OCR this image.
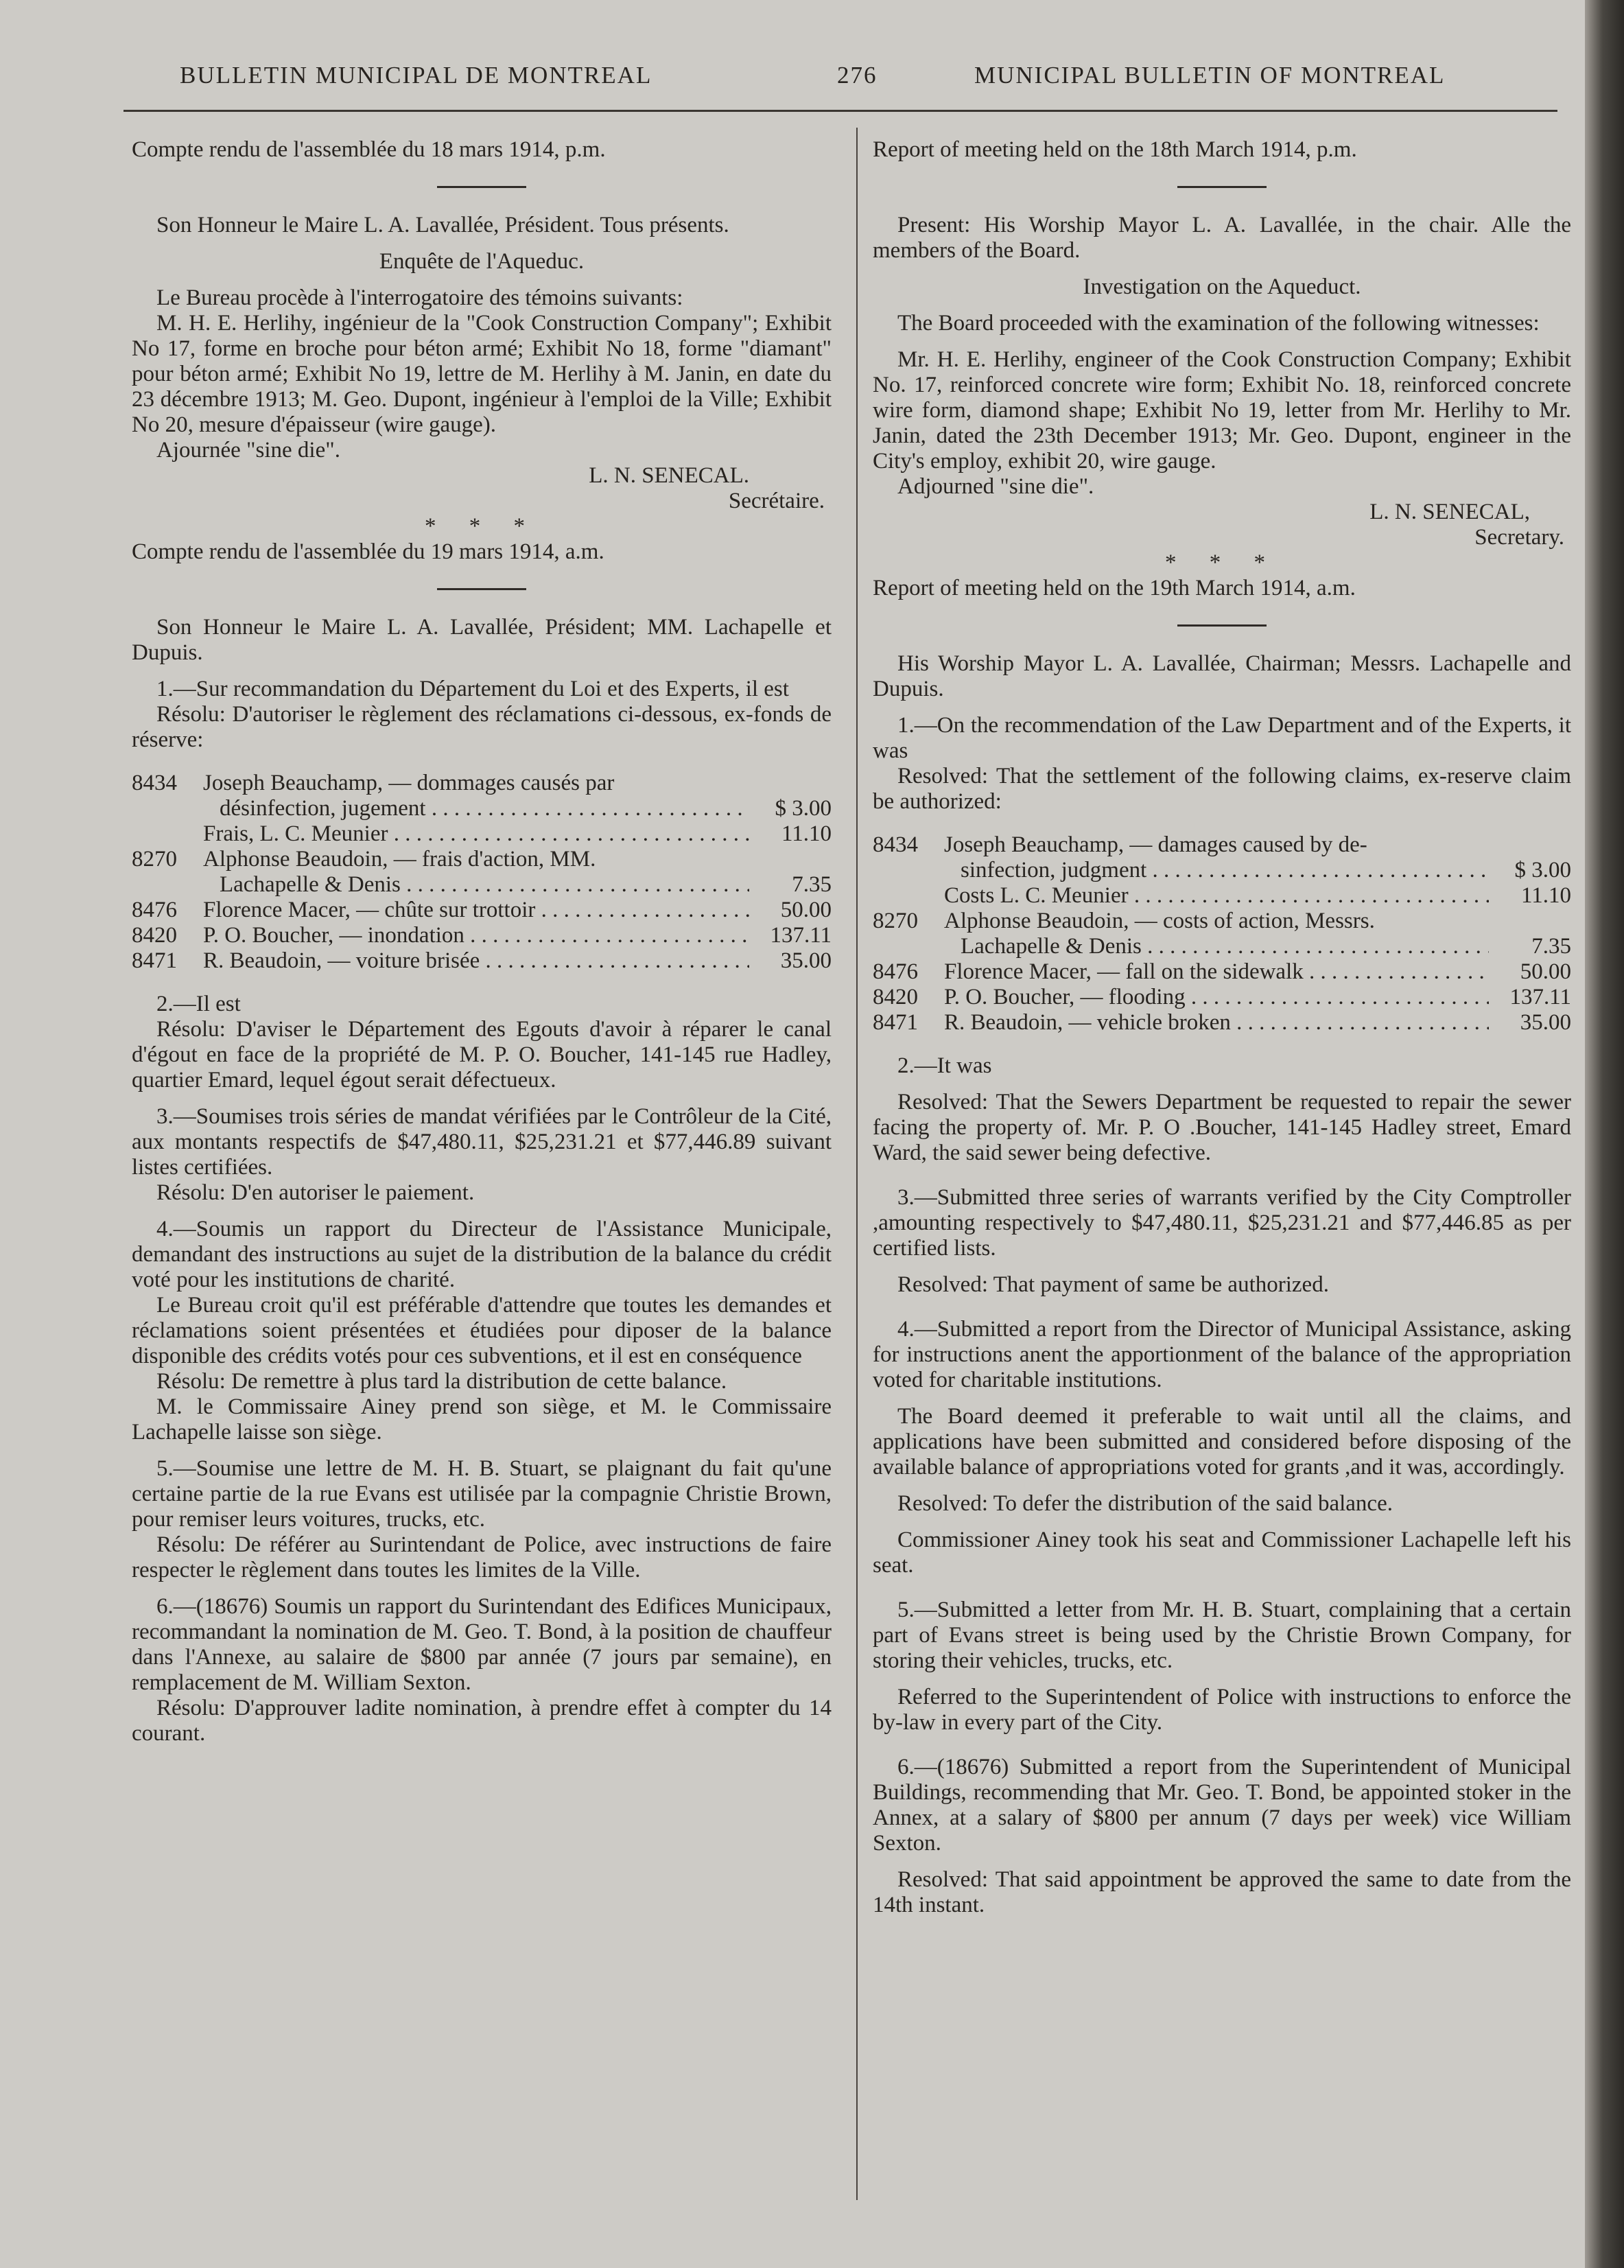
BULLETIN MUNICIPAL DE MONTREAL	276	MUNICIPAL BULLETIN OF MONTREAL

Compte rendu de l'assemblée du 18 mars 1914, p.m.

Son Honneur le Maire L. A. Lavallée, Président. Tous présents.

Enquête de l'Aqueduc.

Le Bureau procède à l'interrogatoire des témoins suivants:

M. H. E. Herlihy, ingénieur de la "Cook Construction Company"; Exhibit No 17, forme en broche pour béton armé; Exhibit No 18, forme "diamant" pour béton armé; Exhibit No 19, lettre de M. Herlihy à M. Janin, en date du 23 décembre 1913; M. Geo. Dupont, ingénieur à l'emploi de la Ville; Exhibit No 20, mesure d'épaisseur (wire gauge).

Ajournée "sine die".

L. N. SENECAL.

Secrétaire.

* * *

Compte rendu de l'assemblée du 19 mars 1914, a.m.

Son Honneur le Maire L. A. Lavallée, Président; MM. Lachapelle et Dupuis.

1.—Sur recommandation du Département du Loi et des Experts, il est

Résolu: D'autoriser le règlement des réclamations ci-dessous, ex-fonds de réserve:

8434	Joseph Beauchamp, — dommages causés par
désinfection, jugement . . .	$ 3.00
Frais, L. C. Meunier . . .	11.10
8270	Alphonse Beaudoin, — frais d'action, MM.
Lachapelle & Denis . . .	7.35
8476	Florence Macer, — chûte sur trottoir . . .	50.00
8420	P. O. Boucher, — inondation . . .	137.11
8471	R. Beaudoin, — voiture brisée . . .	35.00

2.—Il est

Résolu: D'aviser le Département des Egouts d'avoir à réparer le canal d'égout en face de la propriété de M. P. O. Boucher, 141-145 rue Hadley, quartier Emard, lequel égout serait défectueux.

3.—Soumises trois séries de mandat vérifiées par le Contrôleur de la Cité, aux montants respectifs de $47,480.11, $25,231.21 et $77,446.89 suivant listes certifiées.

Résolu: D'en autoriser le paiement.

4.—Soumis un rapport du Directeur de l'Assistance Municipale, demandant des instructions au sujet de la distribution de la balance du crédit voté pour les institutions de charité.

Le Bureau croit qu'il est préférable d'attendre que toutes les demandes et réclamations soient présentées et étudiées pour diposer de la balance disponible des crédits votés pour ces subventions, et il est en conséquence

Résolu: De remettre à plus tard la distribution de cette balance.

M. le Commissaire Ainey prend son siège, et M. le Commissaire Lachapelle laisse son siège.

5.—Soumise une lettre de M. H. B. Stuart, se plaignant du fait qu'une certaine partie de la rue Evans est utilisée par la compagnie Christie Brown, pour remiser leurs voitures, trucks, etc.

Résolu: De référer au Surintendant de Police, avec instructions de faire respecter le règlement dans toutes les limites de la Ville.

6.—(18676) Soumis un rapport du Surintendant des Edifices Municipaux, recommandant la nomination de M. Geo. T. Bond, à la position de chauffeur dans l'Annexe, au salaire de $800 par année (7 jours par semaine), en remplacement de M. William Sexton.

Résolu: D'approuver ladite nomination, à prendre effet à compter du 14 courant.

Report of meeting held on the 18th March 1914, p.m.

Present: His Worship Mayor L. A. Lavallée, in the chair. Alle the members of the Board.

Investigation on the Aqueduct.

The Board proceeded with the examination of the following witnesses:

Mr. H. E. Herlihy, engineer of the Cook Construction Company; Exhibit No. 17, reinforced concrete wire form; Exhibit No. 18, reinforced concrete wire form, diamond shape; Exhibit No 19, letter from Mr. Herlihy to Mr. Janin, dated the 23th December 1913; Mr. Geo. Dupont, engineer in the City's employ, exhibit 20, wire gauge.

Adjourned "sine die".

L. N. SENECAL,

Secretary.

* * *

Report of meeting held on the 19th March 1914, a.m.

His Worship Mayor L. A. Lavallée, Chairman; Messrs. Lachapelle and Dupuis.

1.—On the recommendation of the Law Department and of the Experts, it was

Resolved: That the settlement of the following claims, ex-reserve claim be authorized:

8434	Joseph Beauchamp, — damages caused by de-
sinfection, judgment . . .	$ 3.00
Costs L. C. Meunier . . .	11.10
8270	Alphonse Beaudoin, — costs of action, Messrs.
Lachapelle & Denis . . .	7.35
8476	Florence Macer, — fall on the sidewalk . . .	50.00
8420	P. O. Boucher, — flooding . . .	137.11
8471	R. Beaudoin, — vehicle broken . . .	35.00

2.—It was

Resolved: That the Sewers Department be requested to repair the sewer facing the property of. Mr. P. O .Boucher, 141-145 Hadley street, Emard Ward, the said sewer being defective.

3.—Submitted three series of warrants verified by the City Comptroller ,amounting respectively to $47,480.11, $25,231.21 and $77,446.85 as per certified lists.

Resolved: That payment of same be authorized.

4.—Submitted a report from the Director of Municipal Assistance, asking for instructions anent the apportionment of the balance of the appropriation voted for charitable institutions.

The Board deemed it preferable to wait until all the claims, and applications have been submitted and considered before disposing of the available balance of appropriations voted for grants ,and it was, accordingly.

Resolved: To defer the distribution of the said balance.

Commissioner Ainey took his seat and Commissioner Lachapelle left his seat.

5.—Submitted a letter from Mr. H. B. Stuart, complaining that a certain part of Evans street is being used by the Christie Brown Company, for storing their vehicles, trucks, etc.

Referred to the Superintendent of Police with instructions to enforce the by-law in every part of the City.

6.—(18676) Submitted a report from the Superintendent of Municipal Buildings, recommending that Mr. Geo. T. Bond, be appointed stoker in the Annex, at a salary of $800 per annum (7 days per week) vice William Sexton.

Resolved: That said appointment be approved the same to date from the 14th instant.
